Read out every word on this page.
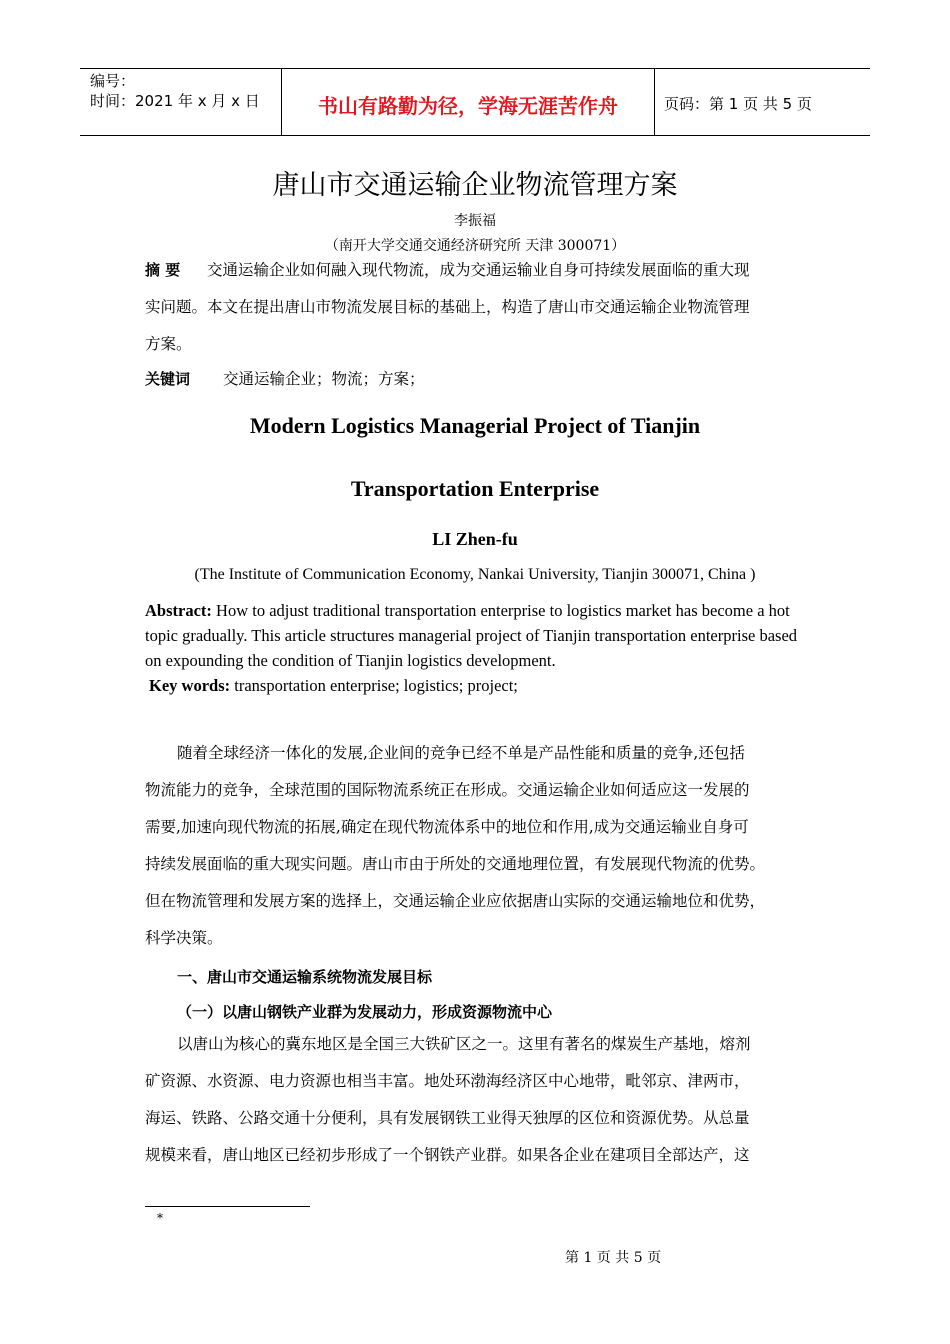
编号：
时间：2021 年 x 月 x 日	书山有路勤为径，学海无涯苦作舟	页码：第 1 页 共 5 页
唐山市交通运输企业物流管理方案
李振福
（南开大学交通交通经济研究所 天津 300071）
摘 要 交通运输企业如何融入现代物流，成为交通运输业自身可持续发展面临的重大现
实问题。本文在提出唐山市物流发展目标的基础上，构造了唐山市交通运输企业物流管理
方案。
关键词 交通运输企业；物流；方案；
Modern Logistics Managerial Project of Tianjin
Transportation Enterprise
LI Zhen-fu
(The Institute of Communication Economy, Nankai University, Tianjin 300071, China )
Abstract: How to adjust traditional transportation enterprise to logistics market has become a hot
topic gradually. This article structures managerial project of Tianjin transportation enterprise based
on expounding the condition of Tianjin logistics development.
Key words: transportation enterprise; logistics; project;
随着全球经济一体化的发展,企业间的竞争已经不单是产品性能和质量的竞争,还包括
物流能力的竞争，全球范围的国际物流系统正在形成。交通运输企业如何适应这一发展的
需要,加速向现代物流的拓展,确定在现代物流体系中的地位和作用,成为交通运输业自身可
持续发展面临的重大现实问题。唐山市由于所处的交通地理位置，有发展现代物流的优势。
但在物流管理和发展方案的选择上，交通运输企业应依据唐山实际的交通运输地位和优势，
科学决策。
一、唐山市交通运输系统物流发展目标
（一）以唐山钢铁产业群为发展动力，形成资源物流中心
以唐山为核心的冀东地区是全国三大铁矿区之一。这里有著名的煤炭生产基地，熔剂
矿资源、水资源、电力资源也相当丰富。地处环渤海经济区中心地带，毗邻京、津两市，
海运、铁路、公路交通十分便利，具有发展钢铁工业得天独厚的区位和资源优势。从总量
规模来看，唐山地区已经初步形成了一个钢铁产业群。如果各企业在建项目全部达产，这
*
第 1 页 共 5 页
